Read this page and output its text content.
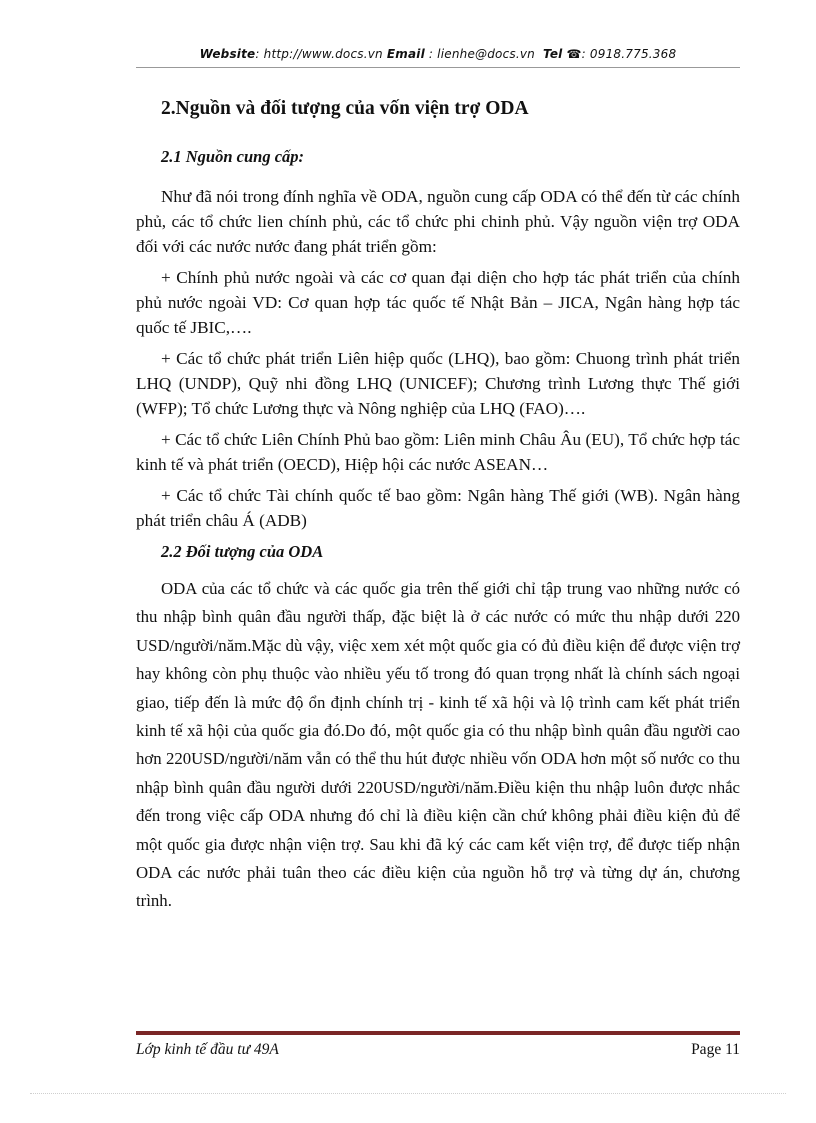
Website: http://www.docs.vn Email : lienhe@docs.vn Tel ☎: 0918.775.368
2.Nguồn và đối tượng của vốn viện trợ ODA
2.1 Nguồn cung cấp:

Như đã nói trong đính nghĩa về ODA, nguồn cung cấp ODA có thể đến từ các chính phủ, các tổ chức lien chính phủ, các tổ chức phi chinh phủ. Vậy nguồn viện trợ ODA đối với các nước nước đang phát triển gồm:

+ Chính phủ nước ngoài và các cơ quan đại diện cho hợp tác phát triển của chính phủ nước ngoài VD: Cơ quan hợp tác quốc tế Nhật Bản – JICA, Ngân hàng hợp tác quốc tế JBIC,….

+ Các tổ chức phát triển Liên hiệp quốc (LHQ), bao gồm: Chuong trình phát triển LHQ (UNDP), Quỹ nhi đồng LHQ (UNICEF); Chương trình Lương thực Thế giới (WFP); Tổ chức Lương thực và Nông nghiệp của LHQ (FAO)….

+ Các tổ chức Liên Chính Phủ bao gồm: Liên minh Châu Âu (EU), Tổ chức hợp tác kinh tế và phát triển (OECD), Hiệp hội các nước ASEAN…

+ Các tổ chức Tài chính quốc tế bao gồm: Ngân hàng Thế giới (WB). Ngân hàng phát triển châu Á (ADB)

2.2 Đối tượng của ODA

ODA của các tổ chức và các quốc gia trên thế giới chỉ tập trung vao những nước có thu nhập bình quân đầu người thấp, đặc biệt là ở các nước có mức thu nhập dưới 220 USD/người/năm.Mặc dù vậy, việc xem xét một quốc gia có đủ điều kiện để được viện trợ hay không còn phụ thuộc vào nhiều yếu tố trong đó quan trọng nhất là chính sách ngoại giao, tiếp đến là mức độ ổn định chính trị - kinh tế xã hội và lộ trình cam kết phát triển kinh tế xã hội của quốc gia đó.Do đó, một quốc gia có thu nhập bình quân đầu người cao hơn 220USD/người/năm vẫn có thể thu hút được nhiều vốn ODA hơn một số nước co thu nhập bình quân đầu người dưới 220USD/người/năm.Điều kiện thu nhập luôn được nhắc đến trong việc cấp ODA nhưng đó chỉ là điều kiện cần chứ không phải điều kiện đủ để một quốc gia được nhận viện trợ. Sau khi đã ký các cam kết viện trợ, để được tiếp nhận ODA các nước phải tuân theo các điều kiện của nguồn hỗ trợ và từng dự án, chương trình.

Lớp kinh tế đầu tư 49A	Page 11
